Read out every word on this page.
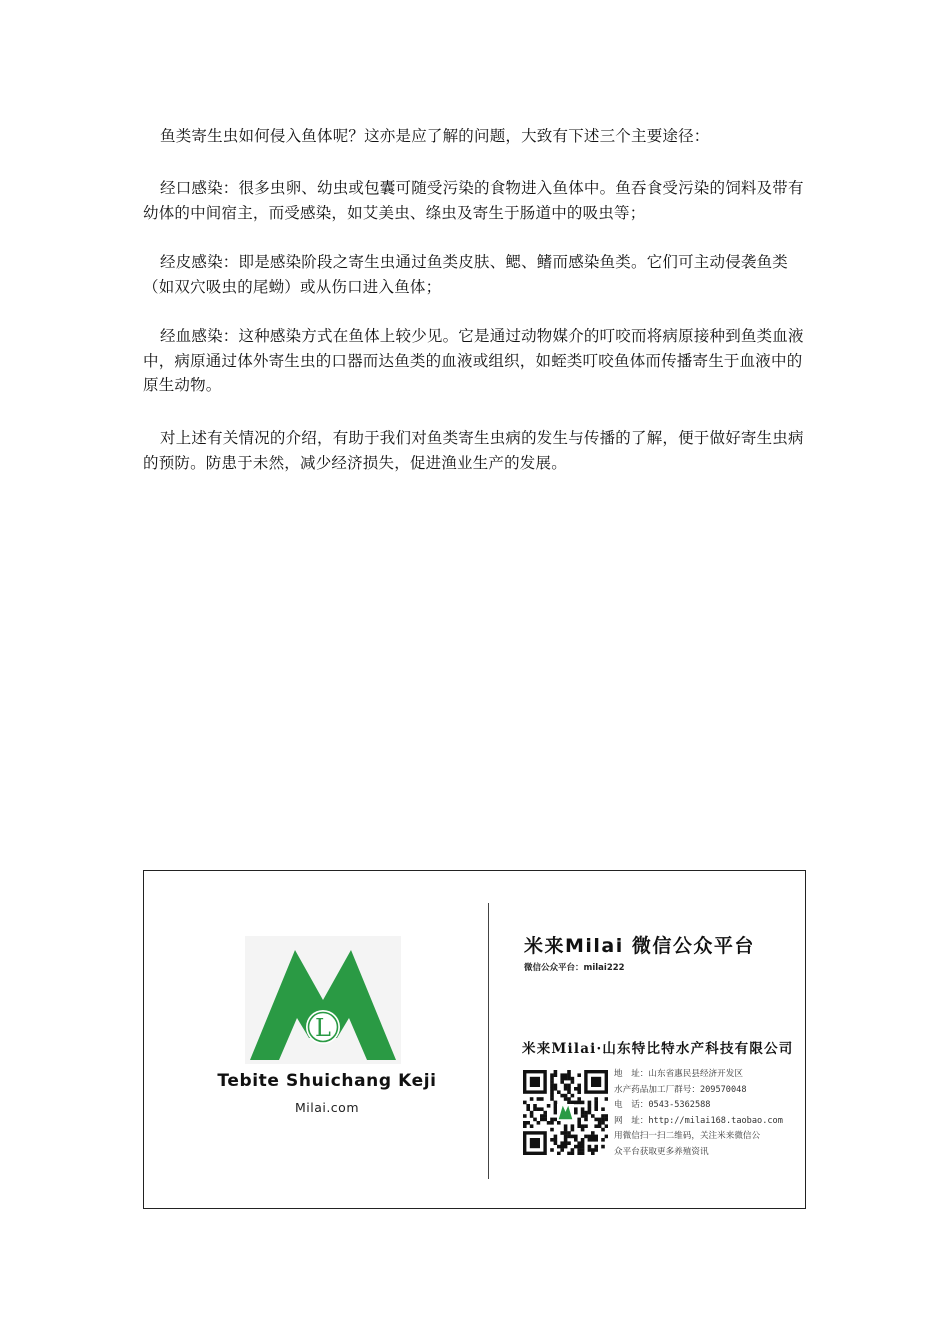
鱼类寄生虫如何侵入鱼体呢？这亦是应了解的问题，大致有下述三个主要途径：

经口感染：很多虫卵、幼虫或包囊可随受污染的食物进入鱼体中。鱼吞食受污染的饲料及带有幼体的中间宿主，而受感染，如艾美虫、绦虫及寄生于肠道中的吸虫等；

经皮感染：即是感染阶段之寄生虫通过鱼类皮肤、鳃、鳍而感染鱼类。它们可主动侵袭鱼类（如双穴吸虫的尾蚴）或从伤口进入鱼体；

经血感染：这种感染方式在鱼体上较少见。它是通过动物媒介的叮咬而将病原接种到鱼类血液中，病原通过体外寄生虫的口器而达鱼类的血液或组织，如蛭类叮咬鱼体而传播寄生于血液中的原生动物。

对上述有关情况的介绍，有助于我们对鱼类寄生虫病的发生与传播的了解，便于做好寄生虫病的预防。防患于未然，减少经济损失，促进渔业生产的发展。

L
Tebite Shuichang Keji
Milai.com
米来Milai 微信公众平台
微信公众平台：milai222
米来Milai·山东特比特水产科技有限公司
地　址：山东省惠民县经济开发区
水产药品加工厂群号：209570048
电　话：0543-5362588
网　址：http://milai168.taobao.com
用微信扫一扫二维码，关注米来微信公
众平台获取更多养殖资讯
